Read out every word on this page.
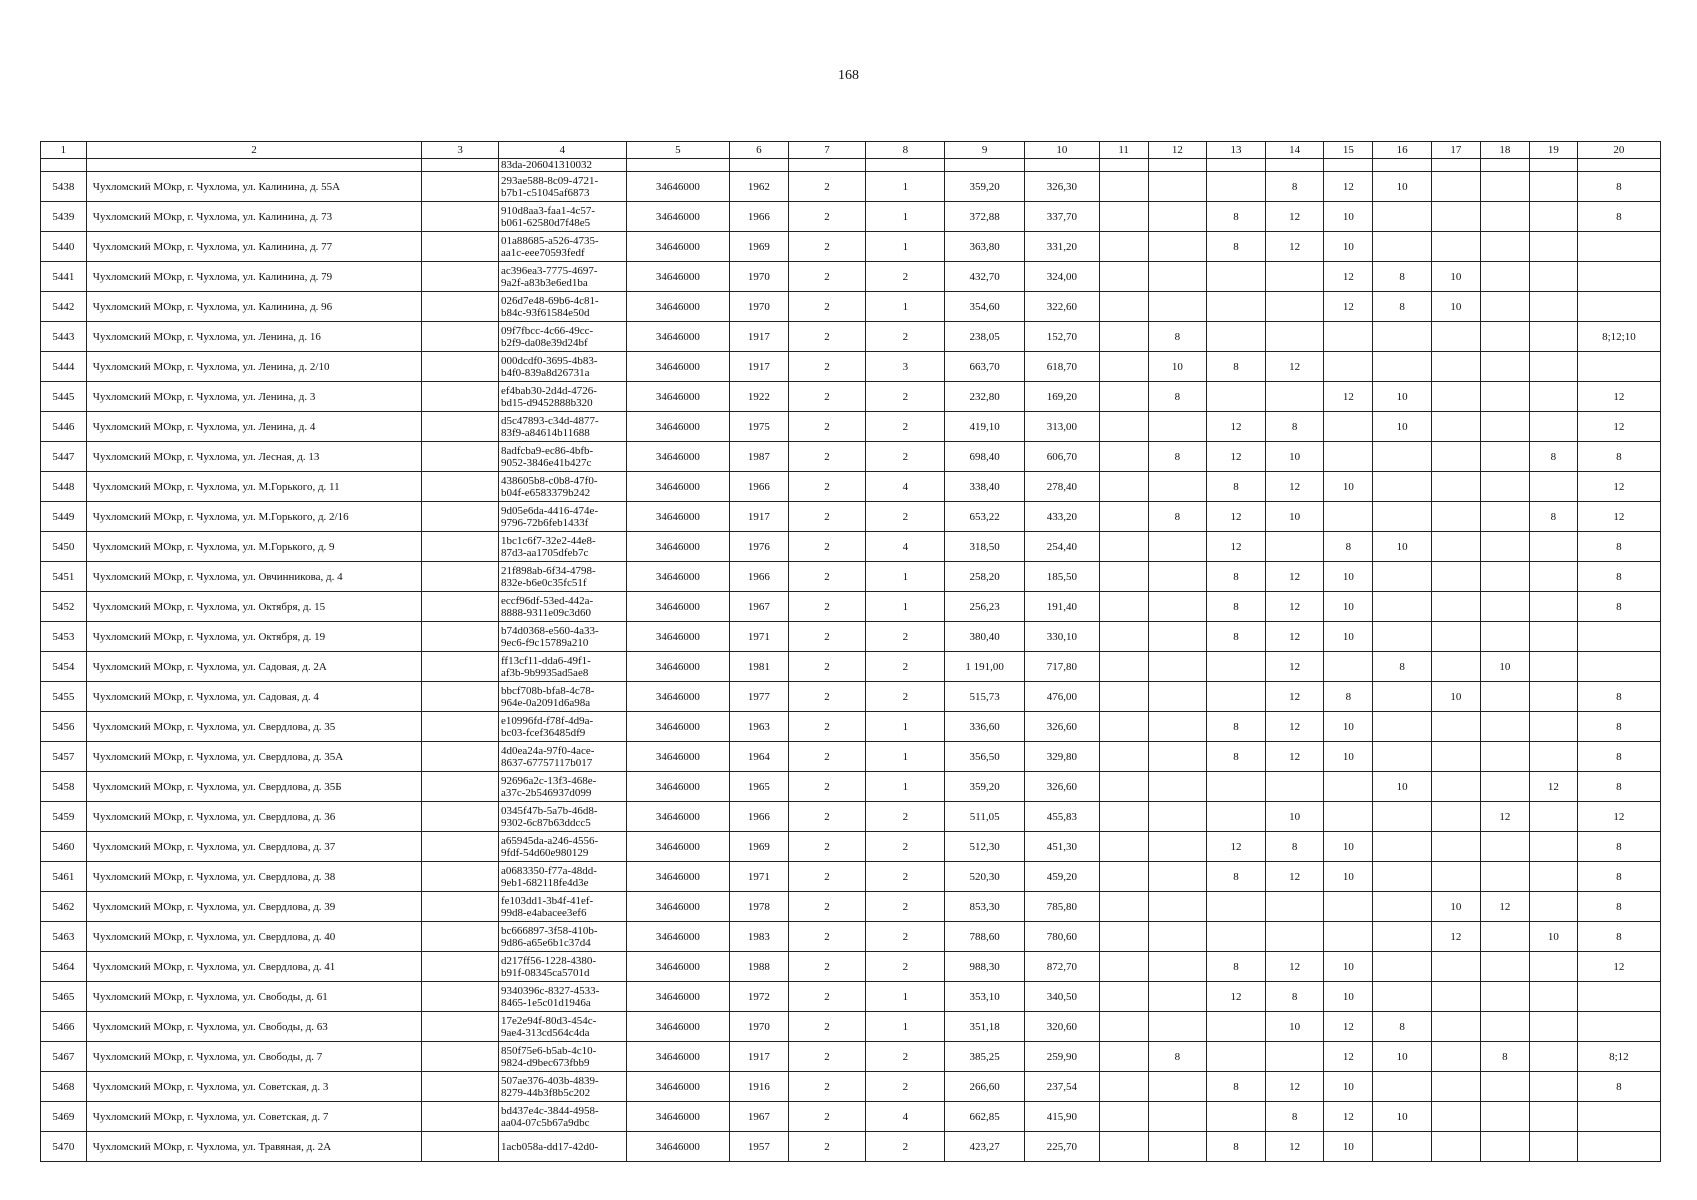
168
1	2	3	4	5	6	7	8	9	10	11	12	13	14	15	16	17	18	19	20
			83da-206041310032																
5438	Чухломский МОкр, г. Чухлома, ул. Калинина, д. 55А		293ae588-8c09-4721-
b7b1-c51045af6873	34646000	1962	2	1	359,20	326,30				8	12	10				8
5439	Чухломский МОкр, г. Чухлома, ул. Калинина, д. 73		910d8aa3-faa1-4c57-
b061-62580d7f48e5	34646000	1966	2	1	372,88	337,70			8	12	10					8
5440	Чухломский МОкр, г. Чухлома, ул. Калинина, д. 77		01a88685-a526-4735-
aa1c-eee70593fedf	34646000	1969	2	1	363,80	331,20			8	12	10					
5441	Чухломский МОкр, г. Чухлома, ул. Калинина, д. 79		ac396ea3-7775-4697-
9a2f-a83b3e6ed1ba	34646000	1970	2	2	432,70	324,00					12	8	10			
5442	Чухломский МОкр, г. Чухлома, ул. Калинина, д. 96		026d7e48-69b6-4c81-
b84c-93f61584e50d	34646000	1970	2	1	354,60	322,60					12	8	10			
5443	Чухломский МОкр, г. Чухлома, ул. Ленина, д. 16		09f7fbcc-4c66-49cc-
b2f9-da08e39d24bf	34646000	1917	2	2	238,05	152,70		8								8;12;10
5444	Чухломский МОкр, г. Чухлома, ул. Ленина, д. 2/10		000dcdf0-3695-4b83-
b4f0-839a8d26731a	34646000	1917	2	3	663,70	618,70		10	8	12						
5445	Чухломский МОкр, г. Чухлома, ул. Ленина, д. 3		ef4bab30-2d4d-4726-
bd15-d9452888b320	34646000	1922	2	2	232,80	169,20		8			12	10				12
5446	Чухломский МОкр, г. Чухлома, ул. Ленина, д. 4		d5c47893-c34d-4877-
83f9-a84614b11688	34646000	1975	2	2	419,10	313,00			12	8		10				12
5447	Чухломский МОкр, г. Чухлома, ул. Лесная, д. 13		8adfcba9-ec86-4bfb-
9052-3846e41b427c	34646000	1987	2	2	698,40	606,70		8	12	10					8	8
5448	Чухломский МОкр, г. Чухлома, ул. М.Горького, д. 11		438605b8-c0b8-47f0-
b04f-e6583379b242	34646000	1966	2	4	338,40	278,40			8	12	10					12
5449	Чухломский МОкр, г. Чухлома, ул. М.Горького, д. 2/16		9d05e6da-4416-474e-
9796-72b6feb1433f	34646000	1917	2	2	653,22	433,20		8	12	10					8	12
5450	Чухломский МОкр, г. Чухлома, ул. М.Горького, д. 9		1bc1c6f7-32e2-44e8-
87d3-aa1705dfeb7c	34646000	1976	2	4	318,50	254,40			12		8	10				8
5451	Чухломский МОкр, г. Чухлома, ул. Овчинникова, д. 4		21f898ab-6f34-4798-
832e-b6e0c35fc51f	34646000	1966	2	1	258,20	185,50			8	12	10					8
5452	Чухломский МОкр, г. Чухлома, ул. Октября, д. 15		eccf96df-53ed-442a-
8888-9311e09c3d60	34646000	1967	2	1	256,23	191,40			8	12	10					8
5453	Чухломский МОкр, г. Чухлома, ул. Октября, д. 19		b74d0368-e560-4a33-
9ec6-f9c15789a210	34646000	1971	2	2	380,40	330,10			8	12	10					
5454	Чухломский МОкр, г. Чухлома, ул. Садовая, д. 2А		ff13cf11-dda6-49f1-
af3b-9b9935ad5ae8	34646000	1981	2	2	1 191,00	717,80				12		8		10		
5455	Чухломский МОкр, г. Чухлома, ул. Садовая, д. 4		bbcf708b-bfa8-4c78-
964e-0a2091d6a98a	34646000	1977	2	2	515,73	476,00				12	8		10			8
5456	Чухломский МОкр, г. Чухлома, ул. Свердлова, д. 35		e10996fd-f78f-4d9a-
bc03-fcef36485df9	34646000	1963	2	1	336,60	326,60			8	12	10					8
5457	Чухломский МОкр, г. Чухлома, ул. Свердлова, д. 35А		4d0ea24a-97f0-4ace-
8637-67757117b017	34646000	1964	2	1	356,50	329,80			8	12	10					8
5458	Чухломский МОкр, г. Чухлома, ул. Свердлова, д. 35Б		92696a2c-13f3-468e-
a37c-2b546937d099	34646000	1965	2	1	359,20	326,60						10			12	8
5459	Чухломский МОкр, г. Чухлома, ул. Свердлова, д. 36		0345f47b-5a7b-46d8-
9302-6c87b63ddcc5	34646000	1966	2	2	511,05	455,83				10				12		12
5460	Чухломский МОкр, г. Чухлома, ул. Свердлова, д. 37		a65945da-a246-4556-
9fdf-54d60e980129	34646000	1969	2	2	512,30	451,30			12	8	10					8
5461	Чухломский МОкр, г. Чухлома, ул. Свердлова, д. 38		a0683350-f77a-48dd-
9eb1-682118fe4d3e	34646000	1971	2	2	520,30	459,20			8	12	10					8
5462	Чухломский МОкр, г. Чухлома, ул. Свердлова, д. 39		fe103dd1-3b4f-41ef-
99d8-e4abacee3ef6	34646000	1978	2	2	853,30	785,80							10	12		8
5463	Чухломский МОкр, г. Чухлома, ул. Свердлова, д. 40		bc666897-3f58-410b-
9d86-a65e6b1c37d4	34646000	1983	2	2	788,60	780,60							12		10	8
5464	Чухломский МОкр, г. Чухлома, ул. Свердлова, д. 41		d217ff56-1228-4380-
b91f-08345ca5701d	34646000	1988	2	2	988,30	872,70			8	12	10					12
5465	Чухломский МОкр, г. Чухлома, ул. Свободы, д. 61		9340396c-8327-4533-
8465-1e5c01d1946a	34646000	1972	2	1	353,10	340,50			12	8	10					
5466	Чухломский МОкр, г. Чухлома, ул. Свободы, д. 63		17e2e94f-80d3-454c-
9ae4-313cd564c4da	34646000	1970	2	1	351,18	320,60				10	12	8				
5467	Чухломский МОкр, г. Чухлома, ул. Свободы, д. 7		850f75e6-b5ab-4c10-
9824-d9bec673fbb9	34646000	1917	2	2	385,25	259,90		8			12	10		8		8;12
5468	Чухломский МОкр, г. Чухлома, ул. Советская, д. 3		507ae376-403b-4839-
8279-44b3f8b5c202	34646000	1916	2	2	266,60	237,54			8	12	10					8
5469	Чухломский МОкр, г. Чухлома, ул. Советская, д. 7		bd437e4c-3844-4958-
aa04-07c5b67a9dbc	34646000	1967	2	4	662,85	415,90				8	12	10				
5470	Чухломский МОкр, г. Чухлома, ул. Травяная, д. 2А		1acb058a-dd17-42d0-	34646000	1957	2	2	423,27	225,70			8	12	10					
